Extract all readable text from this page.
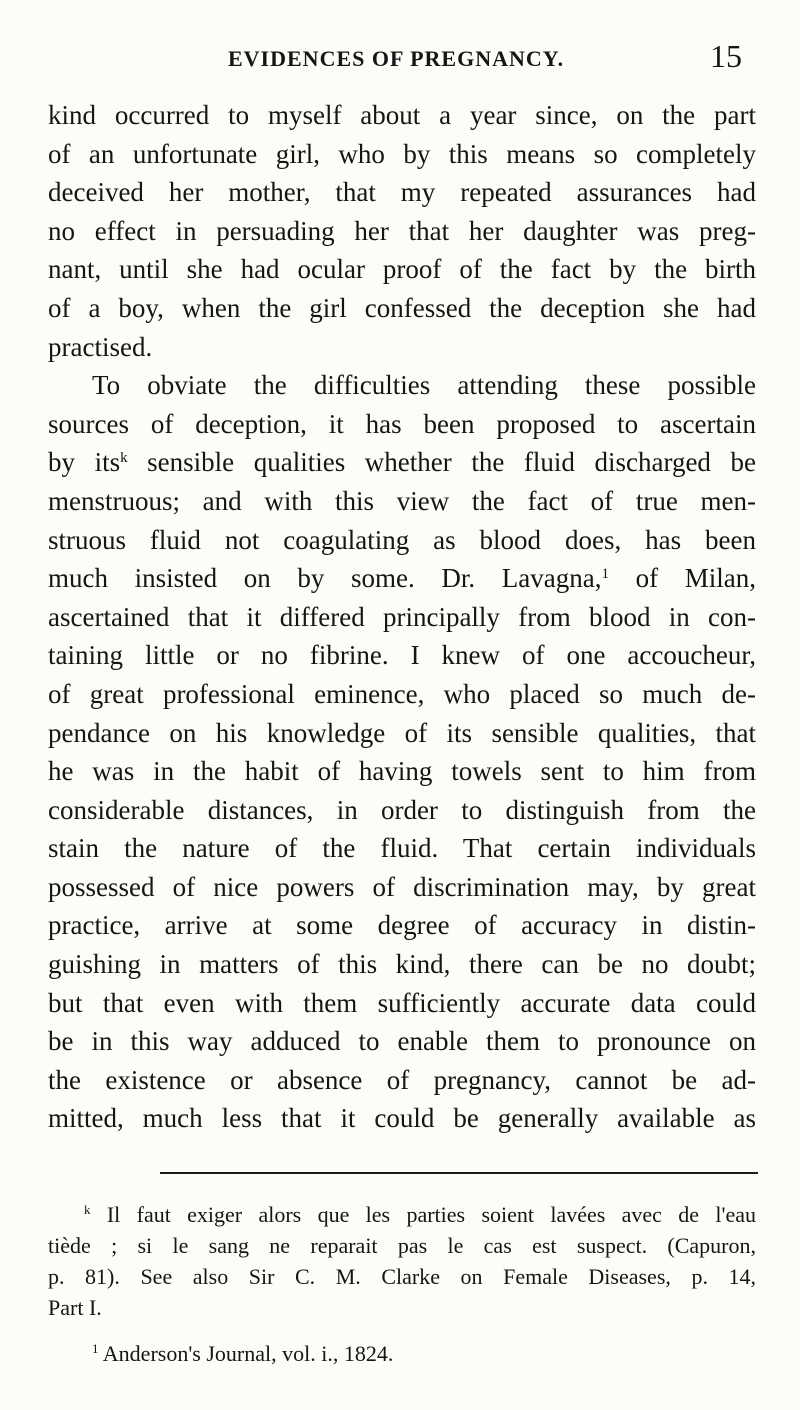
EVIDENCES OF PREGNANCY.	15
kind occurred to myself about a year since, on the part
of an unfortunate girl, who by this means so completely
deceived her mother, that my repeated assurances had
no effect in persuading her that her daughter was preg-
nant, until she had ocular proof of the fact by the birth
of a boy, when the girl confessed the deception she had
practised.
To obviate the difficulties attending these possible
sources of deception, it has been proposed to ascertain
by its$^k$ sensible qualities whether the fluid discharged be
menstruous; and with this view the fact of true men-
struous fluid not coagulating as blood does, has been
much insisted on by some. Dr. Lavagna,$^1$ of Milan,
ascertained that it differed principally from blood in con-
taining little or no fibrine. I knew of one accoucheur,
of great professional eminence, who placed so much de-
pendance on his knowledge of its sensible qualities, that
he was in the habit of having towels sent to him from
considerable distances, in order to distinguish from the
stain the nature of the fluid. That certain individuals
possessed of nice powers of discrimination may, by great
practice, arrive at some degree of accuracy in distin-
guishing in matters of this kind, there can be no doubt;
but that even with them sufficiently accurate data could
be in this way adduced to enable them to pronounce on
the existence or absence of pregnancy, cannot be ad-
mitted, much less that it could be generally available as
$^k$ Il faut exiger alors que les parties soient lavées avec de l'eau
tiède ; si le sang ne reparait pas le cas est suspect. (Capuron,
p. 81). See also Sir C. M. Clarke on Female Diseases, p. 14,
Part I.
$^1$ Anderson's Journal, vol. i., 1824.
